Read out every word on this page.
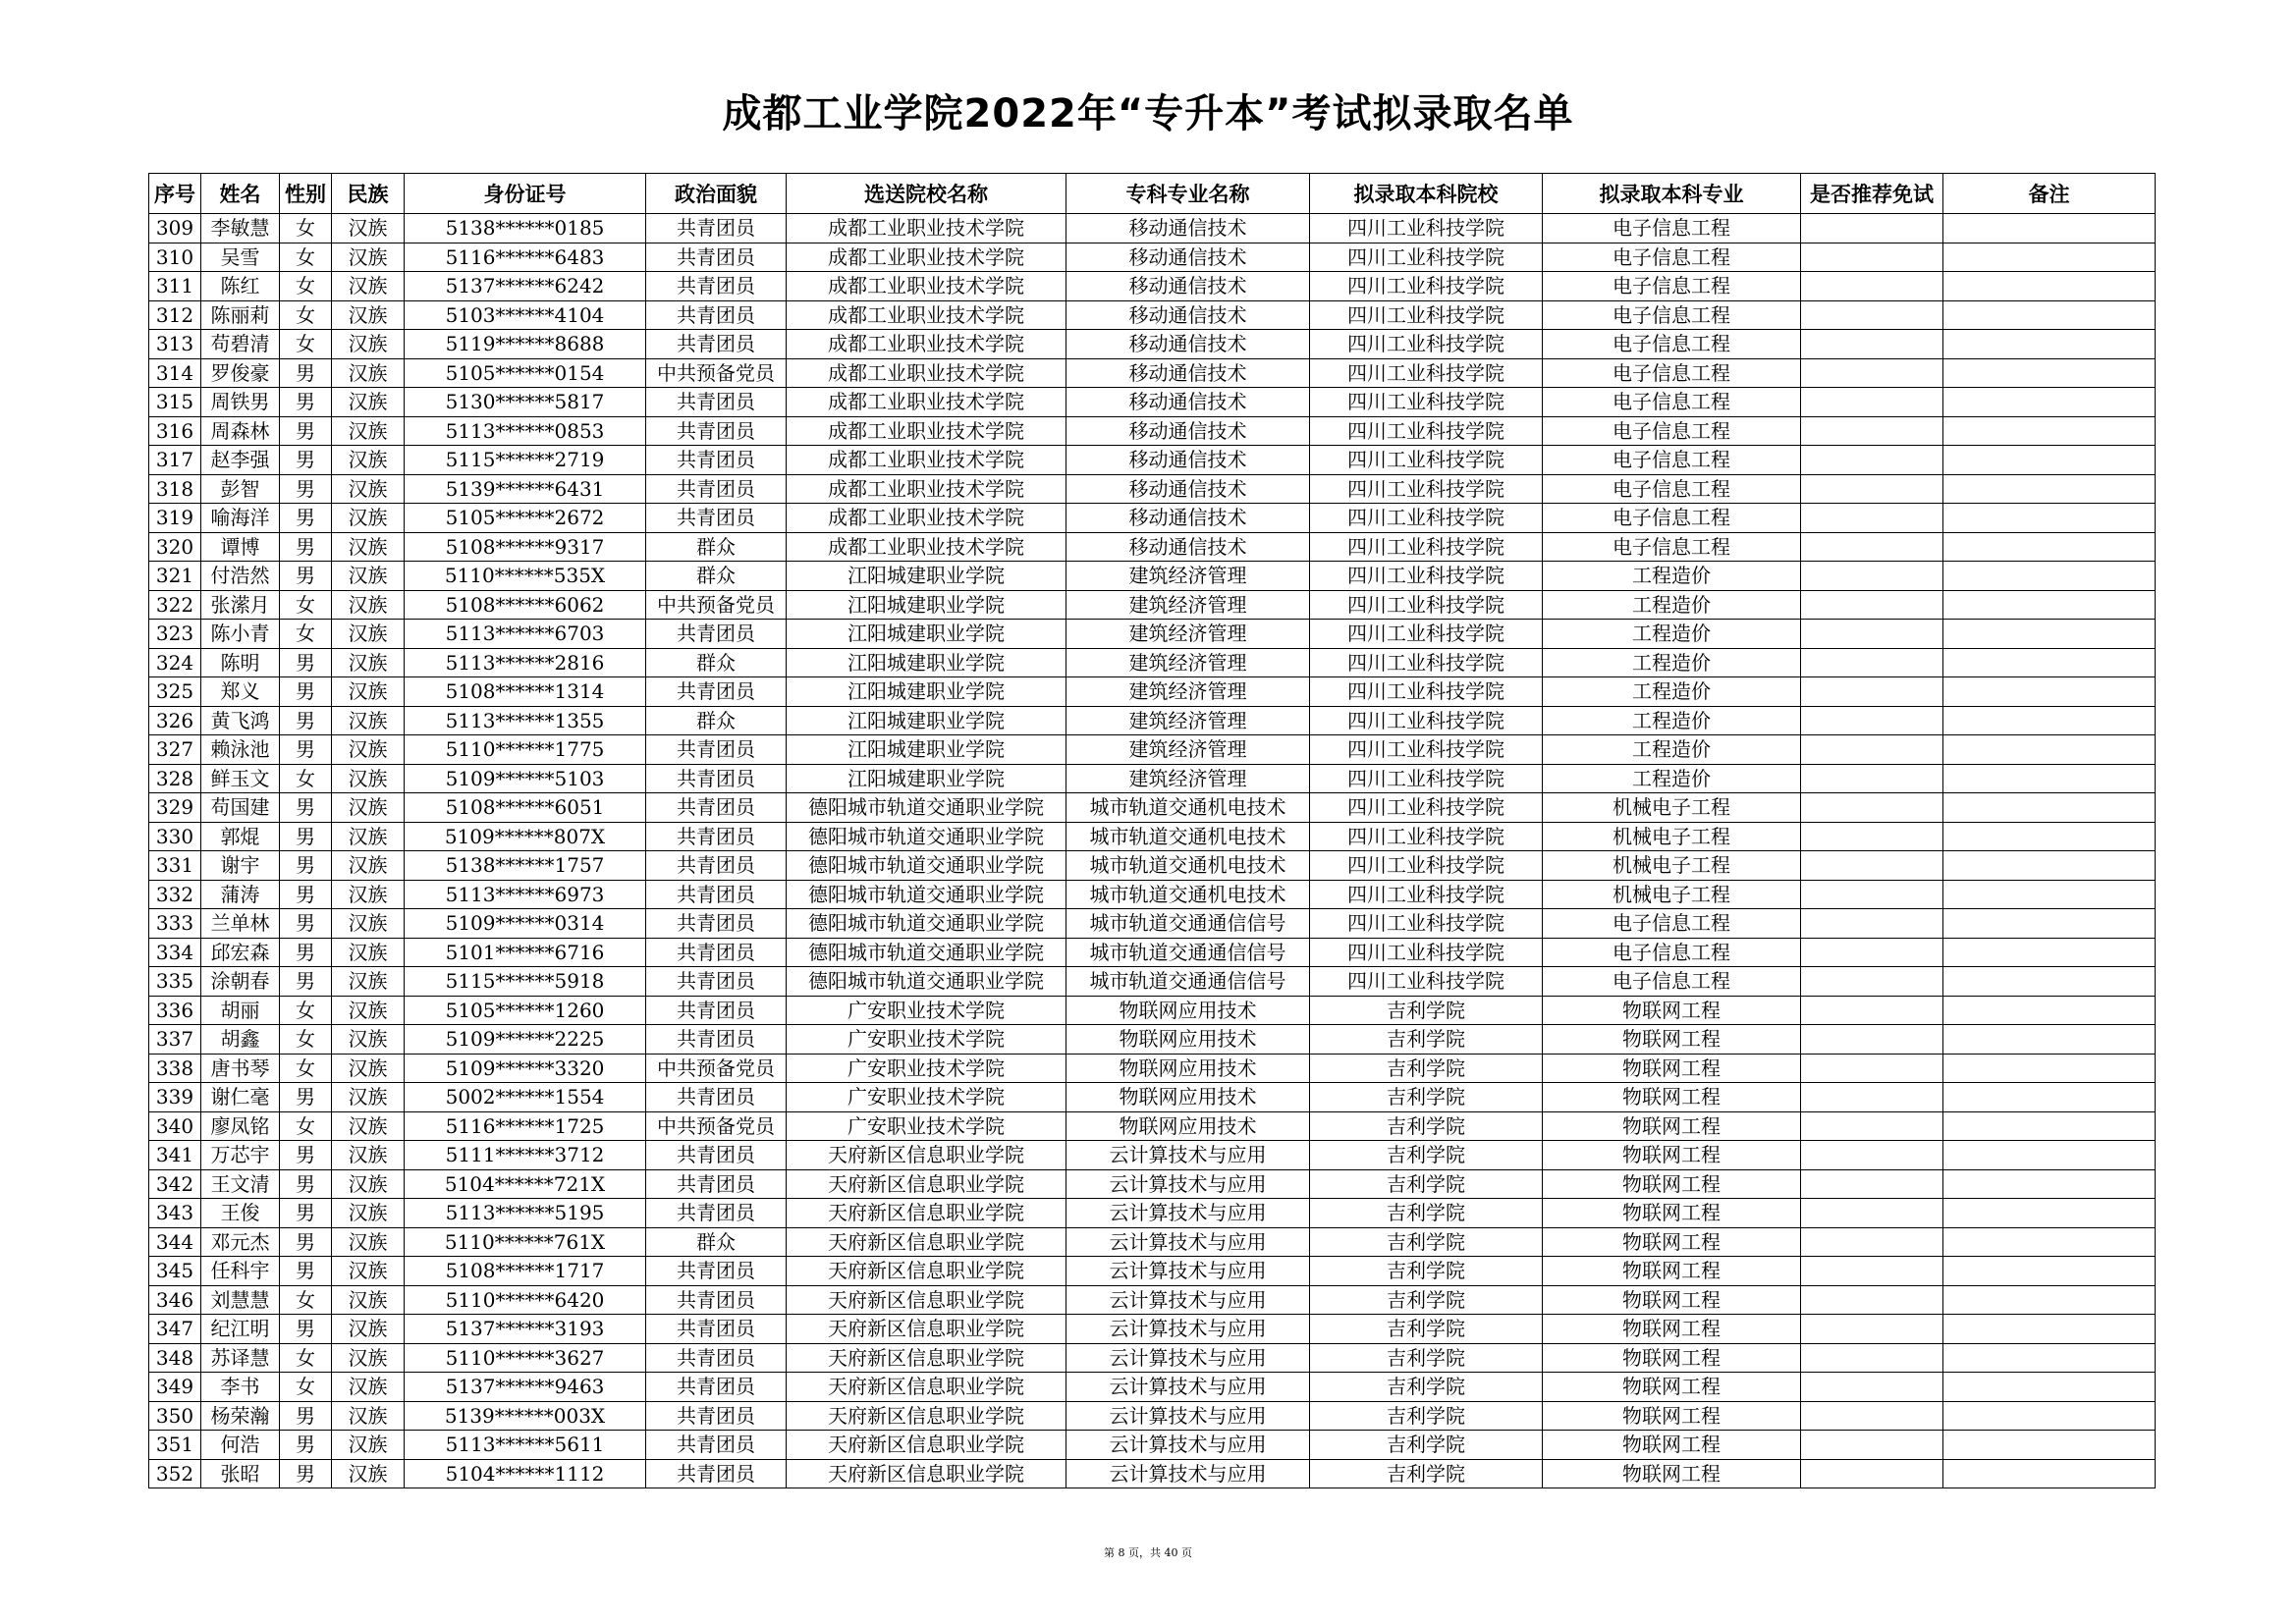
成都工业学院2022年“专升本”考试拟录取名单
序号	姓名	性别	民族	身份证号	政治面貌	选送院校名称	专科专业名称	拟录取本科院校	拟录取本科专业	是否推荐免试	备注
309	李敏慧	女	汉族	5138******0185	共青团员	成都工业职业技术学院	移动通信技术	四川工业科技学院	电子信息工程		
310	吴雪	女	汉族	5116******6483	共青团员	成都工业职业技术学院	移动通信技术	四川工业科技学院	电子信息工程		
311	陈红	女	汉族	5137******6242	共青团员	成都工业职业技术学院	移动通信技术	四川工业科技学院	电子信息工程		
312	陈丽莉	女	汉族	5103******4104	共青团员	成都工业职业技术学院	移动通信技术	四川工业科技学院	电子信息工程		
313	苟碧清	女	汉族	5119******8688	共青团员	成都工业职业技术学院	移动通信技术	四川工业科技学院	电子信息工程		
314	罗俊豪	男	汉族	5105******0154	中共预备党员	成都工业职业技术学院	移动通信技术	四川工业科技学院	电子信息工程		
315	周铁男	男	汉族	5130******5817	共青团员	成都工业职业技术学院	移动通信技术	四川工业科技学院	电子信息工程		
316	周森林	男	汉族	5113******0853	共青团员	成都工业职业技术学院	移动通信技术	四川工业科技学院	电子信息工程		
317	赵李强	男	汉族	5115******2719	共青团员	成都工业职业技术学院	移动通信技术	四川工业科技学院	电子信息工程		
318	彭智	男	汉族	5139******6431	共青团员	成都工业职业技术学院	移动通信技术	四川工业科技学院	电子信息工程		
319	喻海洋	男	汉族	5105******2672	共青团员	成都工业职业技术学院	移动通信技术	四川工业科技学院	电子信息工程		
320	谭博	男	汉族	5108******9317	群众	成都工业职业技术学院	移动通信技术	四川工业科技学院	电子信息工程		
321	付浩然	男	汉族	5110******535X	群众	江阳城建职业学院	建筑经济管理	四川工业科技学院	工程造价		
322	张潆月	女	汉族	5108******6062	中共预备党员	江阳城建职业学院	建筑经济管理	四川工业科技学院	工程造价		
323	陈小青	女	汉族	5113******6703	共青团员	江阳城建职业学院	建筑经济管理	四川工业科技学院	工程造价		
324	陈明	男	汉族	5113******2816	群众	江阳城建职业学院	建筑经济管理	四川工业科技学院	工程造价		
325	郑义	男	汉族	5108******1314	共青团员	江阳城建职业学院	建筑经济管理	四川工业科技学院	工程造价		
326	黄飞鸿	男	汉族	5113******1355	群众	江阳城建职业学院	建筑经济管理	四川工业科技学院	工程造价		
327	赖泳池	男	汉族	5110******1775	共青团员	江阳城建职业学院	建筑经济管理	四川工业科技学院	工程造价		
328	鲜玉文	女	汉族	5109******5103	共青团员	江阳城建职业学院	建筑经济管理	四川工业科技学院	工程造价		
329	苟国建	男	汉族	5108******6051	共青团员	德阳城市轨道交通职业学院	城市轨道交通机电技术	四川工业科技学院	机械电子工程		
330	郭焜	男	汉族	5109******807X	共青团员	德阳城市轨道交通职业学院	城市轨道交通机电技术	四川工业科技学院	机械电子工程		
331	谢宇	男	汉族	5138******1757	共青团员	德阳城市轨道交通职业学院	城市轨道交通机电技术	四川工业科技学院	机械电子工程		
332	蒲涛	男	汉族	5113******6973	共青团员	德阳城市轨道交通职业学院	城市轨道交通机电技术	四川工业科技学院	机械电子工程		
333	兰单林	男	汉族	5109******0314	共青团员	德阳城市轨道交通职业学院	城市轨道交通通信信号	四川工业科技学院	电子信息工程		
334	邱宏森	男	汉族	5101******6716	共青团员	德阳城市轨道交通职业学院	城市轨道交通通信信号	四川工业科技学院	电子信息工程		
335	涂朝春	男	汉族	5115******5918	共青团员	德阳城市轨道交通职业学院	城市轨道交通通信信号	四川工业科技学院	电子信息工程		
336	胡丽	女	汉族	5105******1260	共青团员	广安职业技术学院	物联网应用技术	吉利学院	物联网工程		
337	胡鑫	女	汉族	5109******2225	共青团员	广安职业技术学院	物联网应用技术	吉利学院	物联网工程		
338	唐书琴	女	汉族	5109******3320	中共预备党员	广安职业技术学院	物联网应用技术	吉利学院	物联网工程		
339	谢仁毫	男	汉族	5002******1554	共青团员	广安职业技术学院	物联网应用技术	吉利学院	物联网工程		
340	廖凤铭	女	汉族	5116******1725	中共预备党员	广安职业技术学院	物联网应用技术	吉利学院	物联网工程		
341	万芯宇	男	汉族	5111******3712	共青团员	天府新区信息职业学院	云计算技术与应用	吉利学院	物联网工程		
342	王文清	男	汉族	5104******721X	共青团员	天府新区信息职业学院	云计算技术与应用	吉利学院	物联网工程		
343	王俊	男	汉族	5113******5195	共青团员	天府新区信息职业学院	云计算技术与应用	吉利学院	物联网工程		
344	邓元杰	男	汉族	5110******761X	群众	天府新区信息职业学院	云计算技术与应用	吉利学院	物联网工程		
345	任科宇	男	汉族	5108******1717	共青团员	天府新区信息职业学院	云计算技术与应用	吉利学院	物联网工程		
346	刘慧慧	女	汉族	5110******6420	共青团员	天府新区信息职业学院	云计算技术与应用	吉利学院	物联网工程		
347	纪江明	男	汉族	5137******3193	共青团员	天府新区信息职业学院	云计算技术与应用	吉利学院	物联网工程		
348	苏译慧	女	汉族	5110******3627	共青团员	天府新区信息职业学院	云计算技术与应用	吉利学院	物联网工程		
349	李书	女	汉族	5137******9463	共青团员	天府新区信息职业学院	云计算技术与应用	吉利学院	物联网工程		
350	杨荣瀚	男	汉族	5139******003X	共青团员	天府新区信息职业学院	云计算技术与应用	吉利学院	物联网工程		
351	何浩	男	汉族	5113******5611	共青团员	天府新区信息职业学院	云计算技术与应用	吉利学院	物联网工程		
352	张昭	男	汉族	5104******1112	共青团员	天府新区信息职业学院	云计算技术与应用	吉利学院	物联网工程		
第 8 页，共 40 页
